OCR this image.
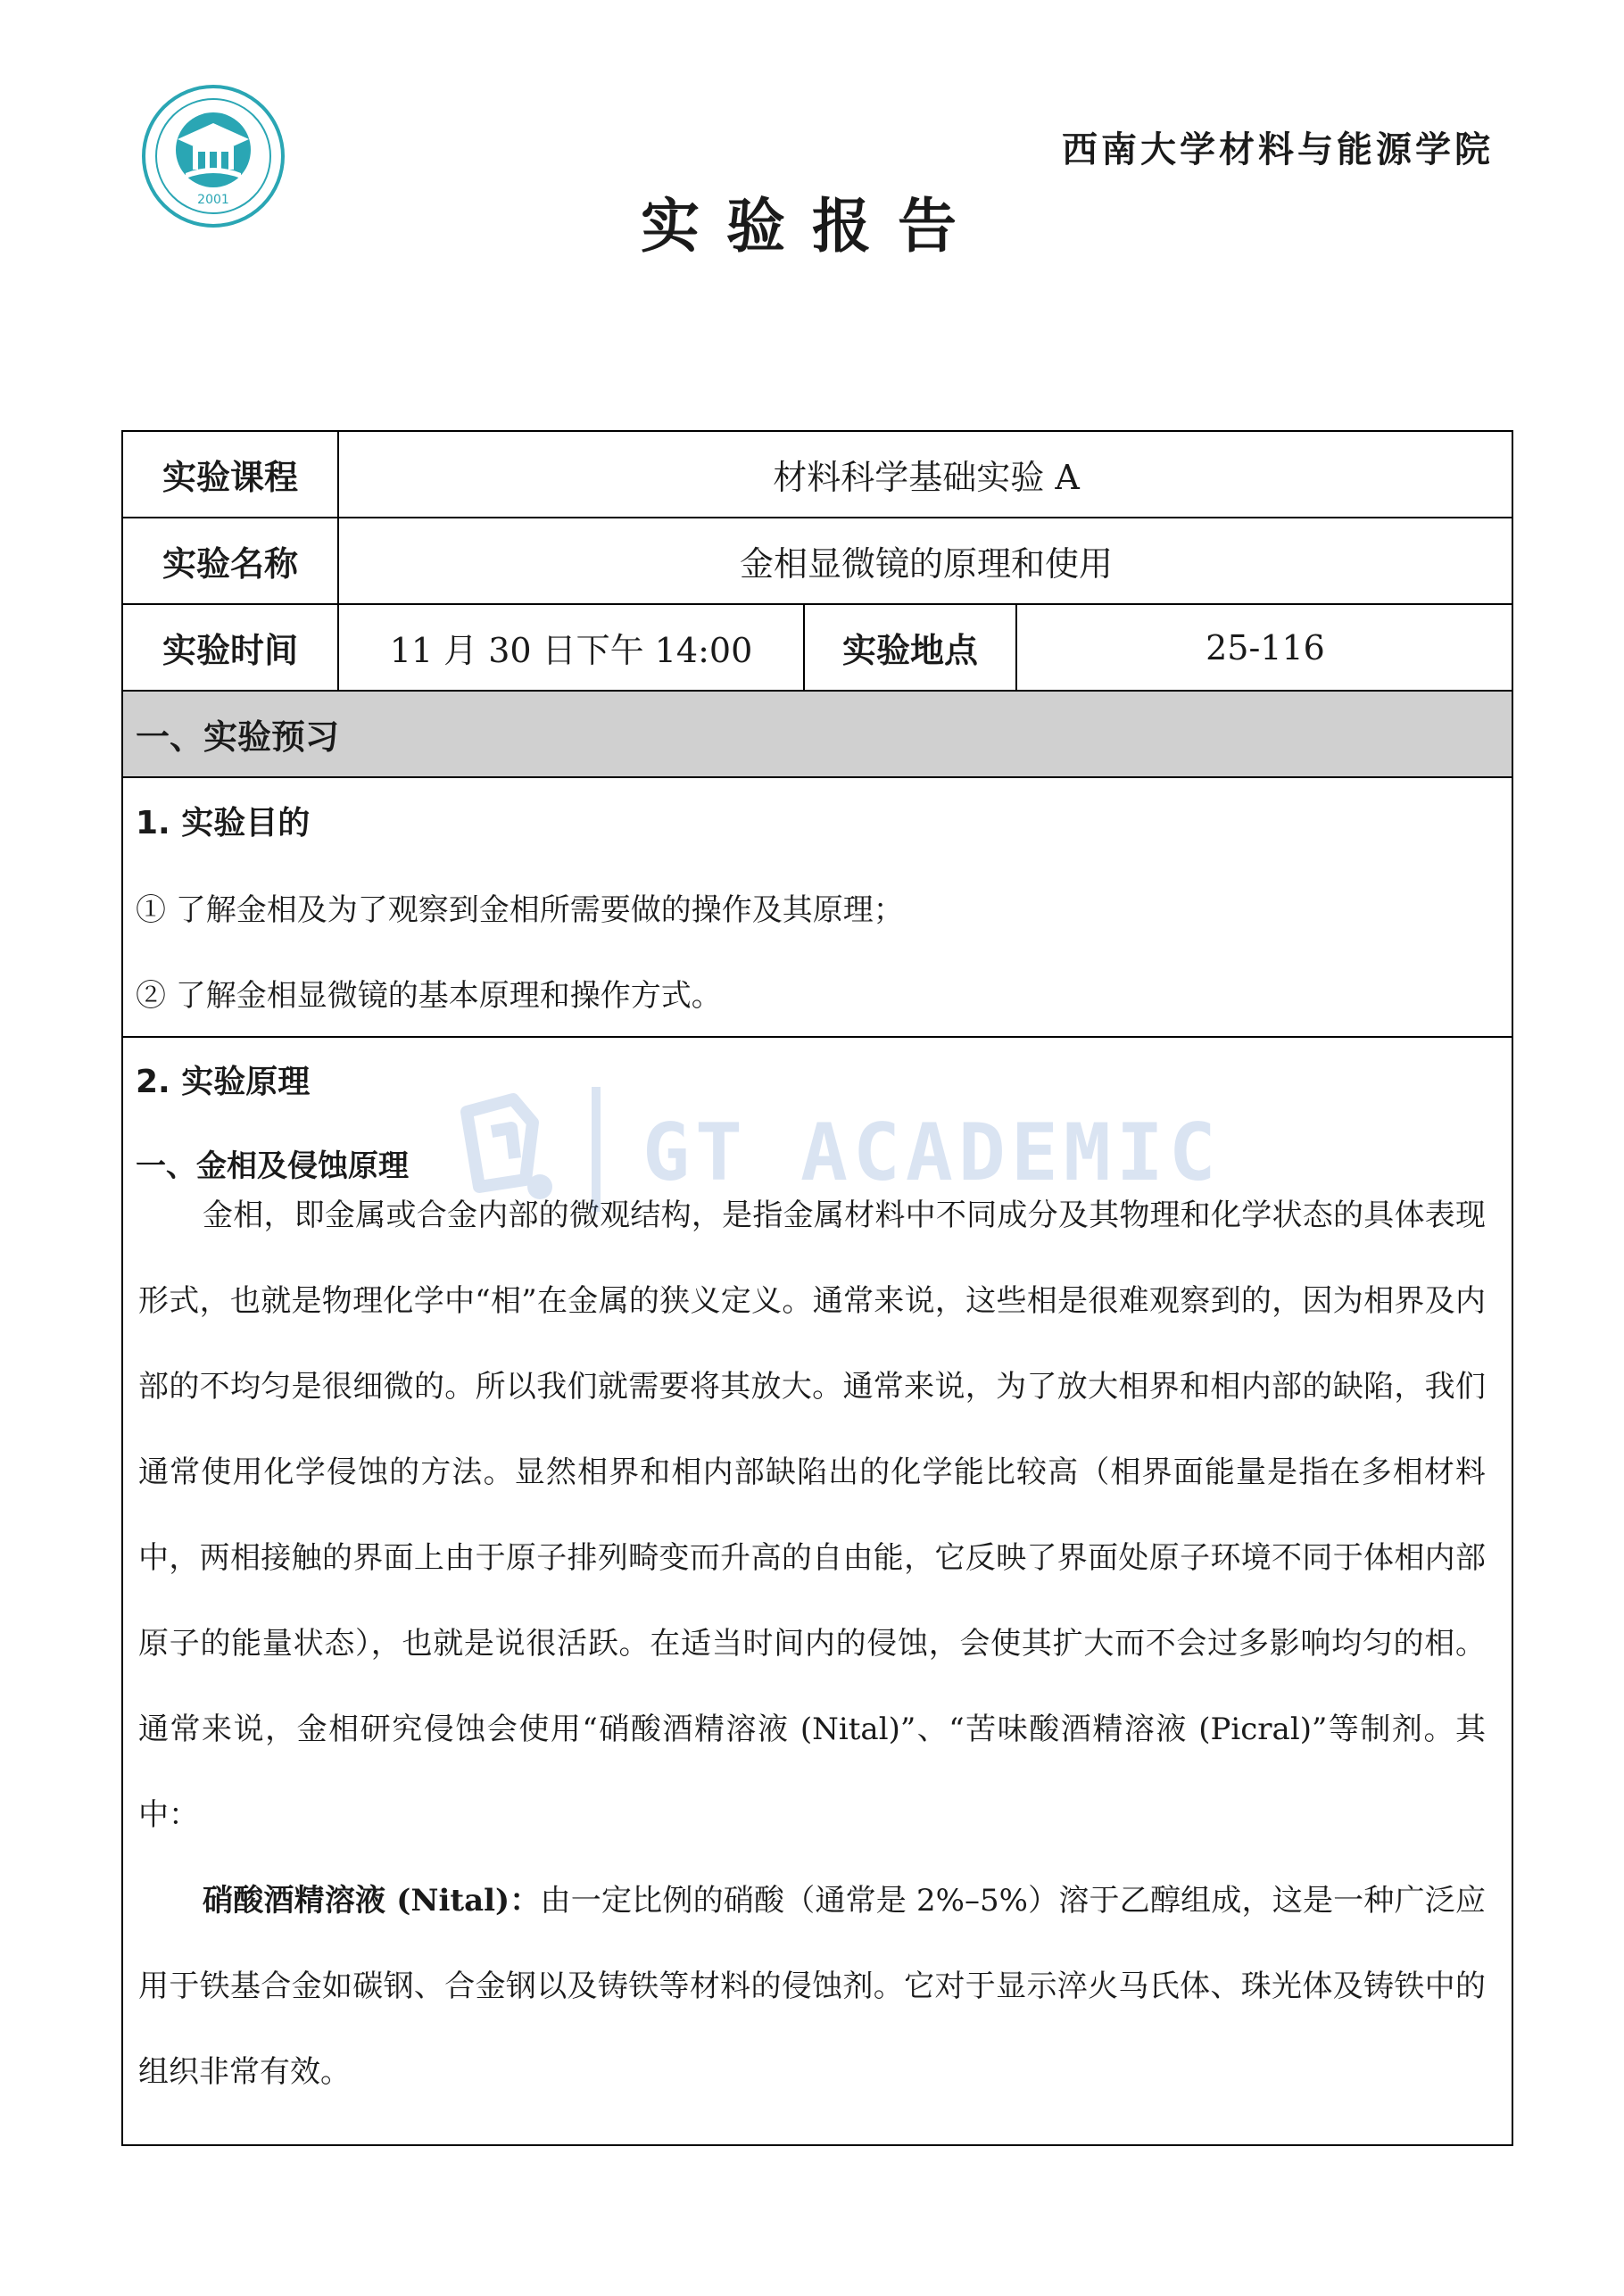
2001
西南大学材料与能源学院
实验报告
实验课程	材料科学基础实验 A
实验名称	金相显微镜的原理和使用
实验时间	11 月 30 日下午 14:00	实验地点	25-116
一、实验预习
1. 实验目的
① 了解金相及为了观察到金相所需要做的操作及其原理；
② 了解金相显微镜的基本原理和操作方式。
2. 实验原理
一、金相及侵蚀原理

金相，即金属或合金内部的微观结构，是指金属材料中不同成分及其物理和化学状态的具体表现形式，也就是物理化学中“相”在金属的狭义定义。通常来说，这些相是很难观察到的，因为相界及内部的不均匀是很细微的。所以我们就需要将其放大。通常来说，为了放大相界和相内部的缺陷，我们通常使用化学侵蚀的方法。显然相界和相内部缺陷出的化学能比较高（相界面能量是指在多相材料中，两相接触的界面上由于原子排列畸变而升高的自由能，它反映了界面处原子环境不同于体相内部原子的能量状态），也就是说很活跃。在适当时间内的侵蚀，会使其扩大而不会过多影响均匀的相。通常来说，金相研究侵蚀会使用“硝酸酒精溶液 (Nital)”、“苦味酸酒精溶液 (Picral)”等制剂。其中：

硝酸酒精溶液 (Nital)：由一定比例的硝酸（通常是 2%–5%）溶于乙醇组成，这是一种广泛应用于铁基合金如碳钢、合金钢以及铸铁等材料的侵蚀剂。它对于显示淬火马氏体、珠光体及铸铁中的组织非常有效。

GT ACADEMIC
